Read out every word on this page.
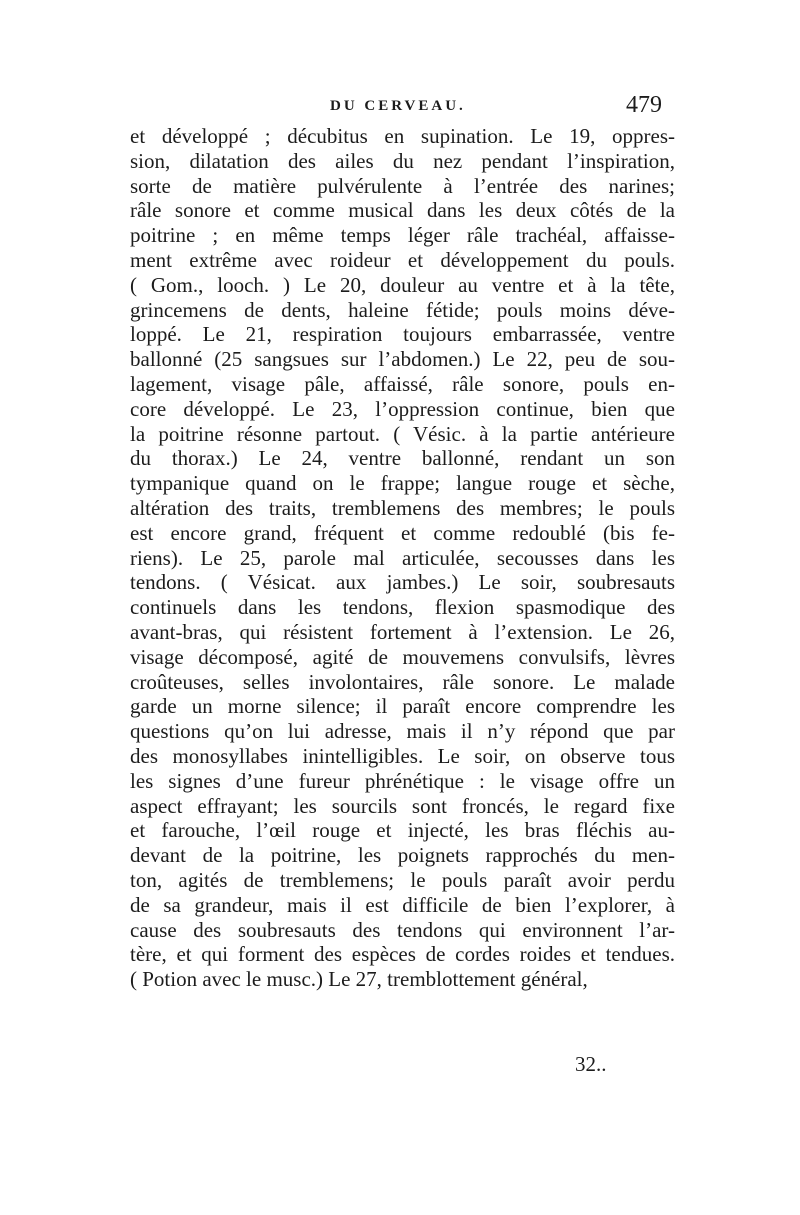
DU CERVEAU.	479
et développé ; décubitus en supination. Le 19, oppres-
sion, dilatation des ailes du nez pendant l’inspiration,
sorte de matière pulvérulente à l’entrée des narines;
râle sonore et comme musical dans les deux côtés de la
poitrine ; en même temps léger râle trachéal, affaisse-
ment extrême avec roideur et développement du pouls.
( Gom., looch. ) Le 20, douleur au ventre et à la tête,
grincemens de dents, haleine fétide; pouls moins déve-
loppé. Le 21, respiration toujours embarrassée, ventre
ballonné (25 sangsues sur l’abdomen.) Le 22, peu de sou-
lagement, visage pâle, affaissé, râle sonore, pouls en-
core développé. Le 23, l’oppression continue, bien que
la poitrine résonne partout. ( Vésic. à la partie antérieure
du thorax.) Le 24, ventre ballonné, rendant un son
tympanique quand on le frappe; langue rouge et sèche,
altération des traits, tremblemens des membres; le pouls
est encore grand, fréquent et comme redoublé (bis fe-
riens). Le 25, parole mal articulée, secousses dans les
tendons. ( Vésicat. aux jambes.) Le soir, soubresauts
continuels dans les tendons, flexion spasmodique des
avant-bras, qui résistent fortement à l’extension. Le 26,
visage décomposé, agité de mouvemens convulsifs, lèvres
croûteuses, selles involontaires, râle sonore. Le malade
garde un morne silence; il paraît encore comprendre les
questions qu’on lui adresse, mais il n’y répond que par
des monosyllabes inintelligibles. Le soir, on observe tous
les signes d’une fureur phrénétique : le visage offre un
aspect effrayant; les sourcils sont froncés, le regard fixe
et farouche, l’œil rouge et injecté, les bras fléchis au-
devant de la poitrine, les poignets rapprochés du men-
ton, agités de tremblemens; le pouls paraît avoir perdu
de sa grandeur, mais il est difficile de bien l’explorer, à
cause des soubresauts des tendons qui environnent l’ar-
tère, et qui forment des espèces de cordes roides et tendues.
( Potion avec le musc.) Le 27, tremblottement général,
32..
